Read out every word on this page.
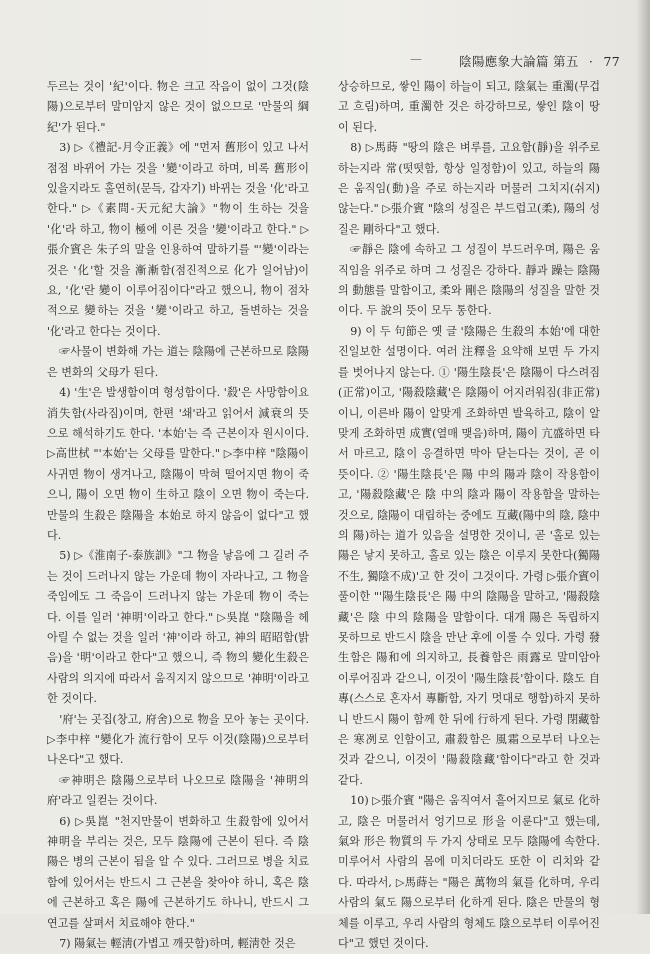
—	陰陽應象大論篇 第五 · 77

두르는 것이 '紀'이다. 物은 크고 작음이 없이 그것(陰陽)으로부터 말미암지 않은 것이 없으므로 '만물의 綱紀'가 된다."

3) ▷《禮記-月令正義》에 "먼저 舊形이 있고 나서 점점 바뀌어 가는 것을 '變'이라고 하며, 비록 舊形이 있을지라도 홀연히(문득, 갑자기) 바뀌는 것을 '化'라고 한다." ▷《素問-天元紀大論》"物이 生하는 것을 '化'라 하고, 物이 極에 이른 것을 '變'이라고 한다." ▷張介賓은 朱子의 말을 인용하여 말하기를 "'變'이라는 것은 '化'할 것을 漸漸함(점진적으로 化가 일어남)이요, '化'란 變이 이루어짐이다"라고 했으니, 物이 점차적으로 變하는 것을 '變'이라고 하고, 돌변하는 것을 '化'라고 한다는 것이다.

☞사물이 변화해 가는 道는 陰陽에 근본하므로 陰陽은 변화의 父母가 된다.

4) '生'은 발생함이며 형성함이다. '殺'은 사망함이요 消失함(사라짐)이며, 한편 '쇄'라고 읽어서 減衰의 뜻으로 해석하기도 한다. '本始'는 즉 근본이자 원시이다. ▷高世栻 "'本始'는 父母를 말한다." ▷李中梓 "陰陽이 사귀면 物이 생겨나고, 陰陽이 막혀 떨어지면 物이 죽으니, 陽이 오면 物이 生하고 陰이 오면 物이 죽는다. 만물의 生殺은 陰陽을 本始로 하지 않음이 없다"고 했다.

5) ▷《淮南子-泰族訓》"그 物을 낳음에 그 길러 주는 것이 드러나지 않는 가운데 物이 자라나고, 그 物을 죽임에도 그 죽음이 드러나지 않는 가운데 物이 죽는다. 이를 일러 '神明'이라고 한다." ▷吳崑 "陰陽을 헤아릴 수 없는 것을 일러 '神'이라 하고, 神의 昭昭함(밝음)을 '明'이라고 한다"고 했으니, 즉 物의 變化生殺은 사람의 의지에 따라서 움직지지 않으므로 '神明'이라고 한 것이다.

'府'는 곳집(창고, 府舍)으로 物을 모아 놓는 곳이다. ▷李中梓 "變化가 流行함이 모두 이것(陰陽)으로부터 나온다"고 했다.

☞神明은 陰陽으로부터 나오므로 陰陽을 '神明의 府'라고 일컫는 것이다.

6) ▷吳崑 "천지만물이 변화하고 生殺함에 있어서 神明을 부리는 것은, 모두 陰陽에 근본이 된다. 즉 陰陽은 병의 근본이 됨을 알 수 있다. 그러므로 병을 치료함에 있어서는 반드시 그 근본을 찾아야 하니, 혹은 陰에 근본하고 혹은 陽에 근본하기도 하나니, 반드시 그 연고를 살펴서 치료해야 한다."

7) 陽氣는 輕淸(가볍고 깨끗함)하며, 輕淸한 것은

상승하므로, 쌓인 陽이 하늘이 되고, 陰氣는 重濁(무겁고 흐림)하며, 重濁한 것은 하강하므로, 쌓인 陰이 땅이 된다.

8) ▷馬蒔 "땅의 陰은 벼루를, 고요함(靜)을 위주로 하는지라 常(떳떳함, 항상 일정함)이 있고, 하늘의 陽은 움직임(動)을 주로 하는지라 머물러 그치지(쉬지) 않는다." ▷張介賓 "陰의 성질은 부드럽고(柔), 陽의 성질은 剛하다"고 했다.

☞靜은 陰에 속하고 그 성질이 부드러우며, 陽은 움직임을 위주로 하며 그 성질은 강하다. 靜과 躁는 陰陽의 動態를 말함이고, 柔와 剛은 陰陽의 성질을 말한 것이다. 두 說의 뜻이 모두 통한다.

9) 이 두 句節은 옛 글 '陰陽은 生殺의 本始'에 대한 진일보한 설명이다. 여러 注釋을 요약해 보면 두 가지를 벗어나지 않는다. ① '陽生陰長'은 陰陽이 다스려짐(正常)이고, '陽殺陰藏'은 陰陽이 어지러워짐(非正常)이니, 이른바 陽이 알맞게 조화하면 발육하고, 陰이 알맞게 조화하면 成實(열매 맺음)하며, 陽이 亢盛하면 타서 마르고, 陰이 응결하면 막아 닫는다는 것이, 곧 이 뜻이다. ② '陽生陰長'은 陽 中의 陽과 陰이 작용함이고, '陽殺陰藏'은 陰 中의 陰과 陽이 작용함을 말하는 것으로, 陰陽이 대립하는 중에도 互藏(陽中의 陰, 陰中의 陽)하는 道가 있음을 설명한 것이니, 곧 '홀로 있는 陽은 낳지 못하고, 홀로 있는 陰은 이루지 못한다(獨陽不生, 獨陰不成)'고 한 것이 그것이다. 가령 ▷張介賓이 풀이한 "'陽生陰長'은 陽 中의 陰陽을 말하고, '陽殺陰藏'은 陰 中의 陰陽을 말함이다. 대개 陽은 독립하지 못하므로 반드시 陰을 만난 후에 이룰 수 있다. 가령 發生함은 陽和에 의지하고, 長養함은 雨露로 말미암아 이루어짐과 같으니, 이것이 '陽生陰長'함이다. 陰도 自專(스스로 혼자서 專斷함, 자기 멋대로 행함)하지 못하니 반드시 陽이 함께 한 뒤에 行하게 된다. 가령 閉藏함은 寒冽로 인함이고, 肅殺함은 風霜으로부터 나오는 것과 같으니, 이것이 '陽殺陰藏'함이다"라고 한 것과 같다.

10) ▷張介賓 "陽은 움직여서 흩어지므로 氣로 化하고, 陰은 머물러서 엉기므로 形을 이룬다"고 했는데, 氣와 形은 物質의 두 가지 상태로 모두 陰陽에 속한다. 미루어서 사람의 몸에 미치더라도 또한 이 리치와 같다. 따라서, ▷馬蒔는 "陽은 萬物의 氣를 化하며, 우리 사람의 氣도 陽으로부터 化하게 된다. 陰은 만물의 형체를 이루고, 우리 사람의 형체도 陰으로부터 이루어진다"고 했던 것이다.
